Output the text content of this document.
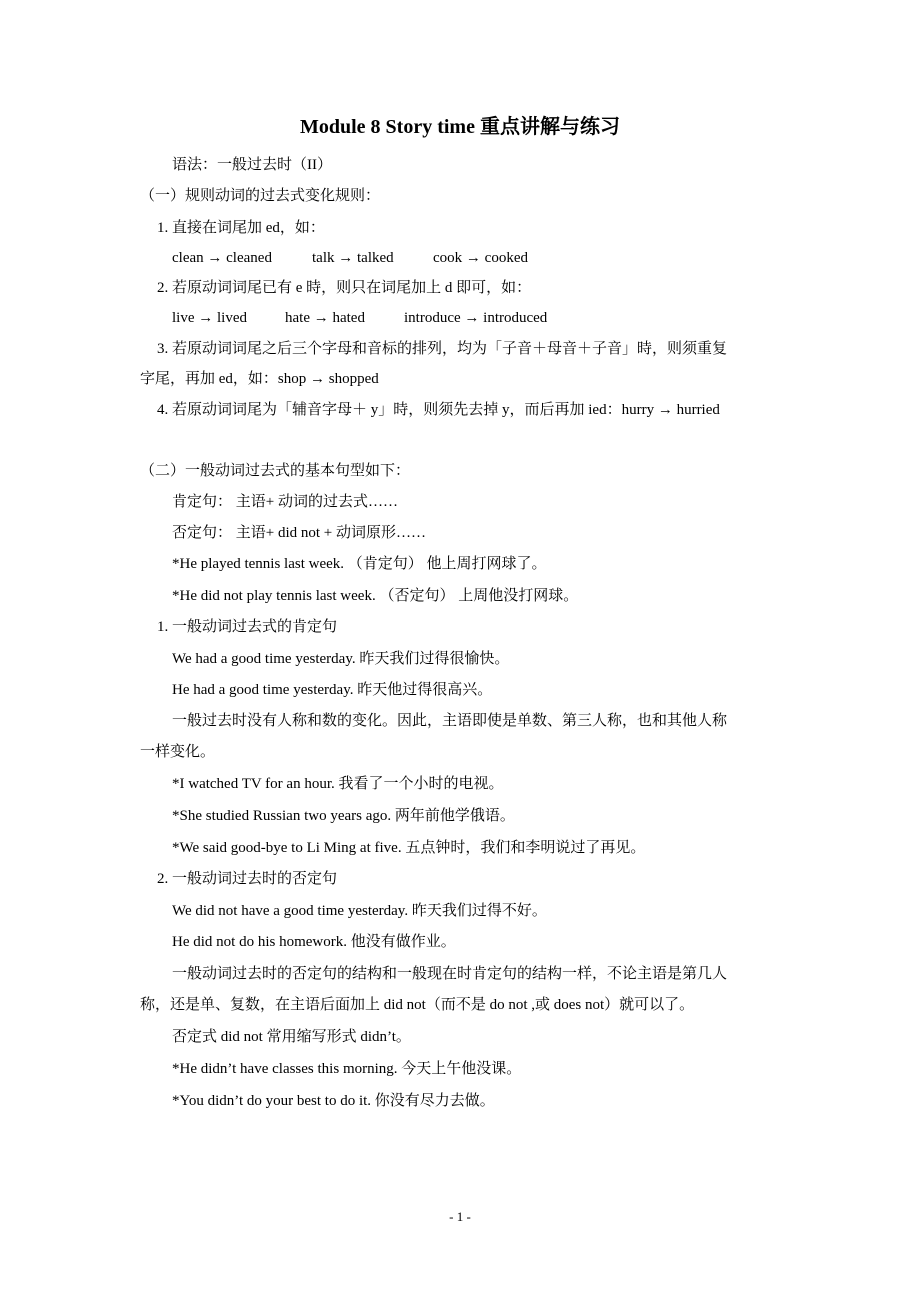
Module 8 Story time 重点讲解与练习
语法：一般过去时（II）
（一）规则动词的过去式变化规则：
1. 直接在词尾加 ed，如：
clean → cleaned	talk → talked	cook → cooked
2. 若原动词词尾已有 e 時，则只在词尾加上 d 即可，如：
live → lived	hate → hated	introduce → introduced
3. 若原动词词尾之后三个字母和音标的排列，均为「子音＋母音＋子音」時，则须重复
字尾，再加 ed，如：shop → shopped
4. 若原动词词尾为「辅音字母＋ y」時，则须先去掉 y，而后再加 ied：hurry → hurried
（二）一般动词过去式的基本句型如下：
肯定句： 主语+ 动词的过去式……
否定句： 主语+ did not + 动词原形……
*He played tennis last week. （肯定句） 他上周打网球了。
*He did not play tennis last week. （否定句） 上周他没打网球。
1. 一般动词过去式的肯定句
We had a good time yesterday. 昨天我们过得很愉快。
He had a good time yesterday. 昨天他过得很高兴。
一般过去时没有人称和数的变化。因此，主语即使是单数、第三人称，也和其他人称
一样变化。
*I watched TV for an hour. 我看了一个小时的电视。
*She studied Russian two years ago. 两年前他学俄语。
*We said good-bye to Li Ming at five. 五点钟时，我们和李明说过了再见。
2. 一般动词过去时的否定句
We did not have a good time yesterday. 昨天我们过得不好。
He did not do his homework. 他没有做作业。
一般动词过去时的否定句的结构和一般现在时肯定句的结构一样，不论主语是第几人
称，还是单、复数，在主语后面加上 did not（而不是 do not ,或 does not）就可以了。
否定式 did not 常用缩写形式 didn’t。
*He didn’t have classes this morning. 今天上午他没课。
*You didn’t do your best to do it. 你没有尽力去做。
- 1 -
